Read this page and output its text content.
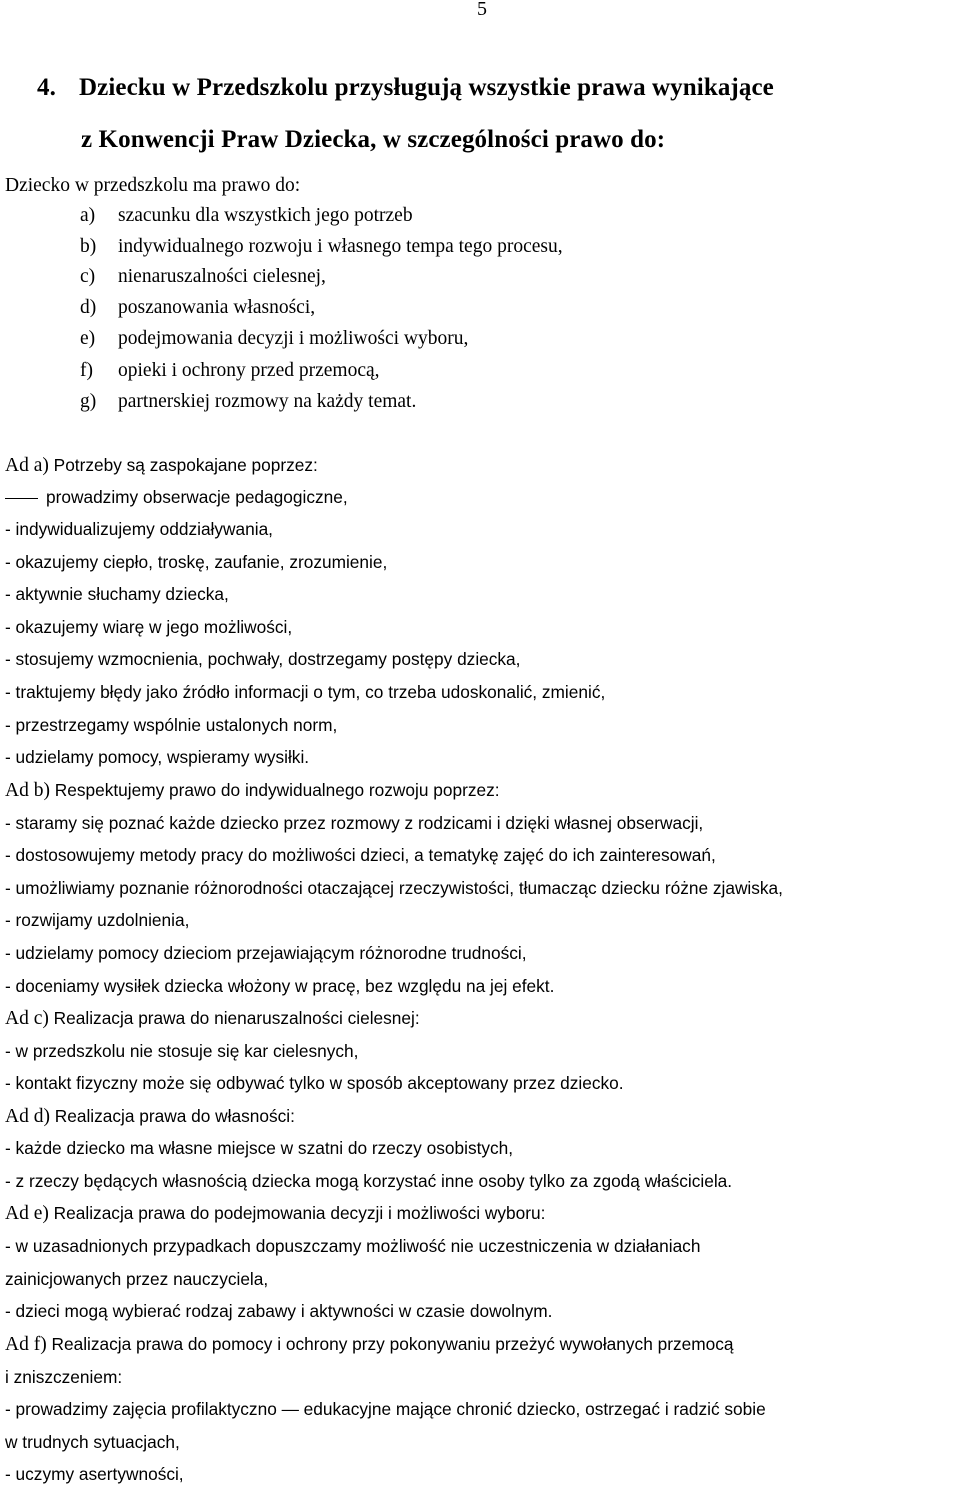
5
4. Dziecku w Przedszkolu przysługują wszystkie prawa wynikające
z Konwencji Praw Dziecka, w szczególności prawo do:
Dziecko w przedszkolu ma prawo do:
a) szacunku dla wszystkich jego potrzeb
b) indywidualnego rozwoju i własnego tempa tego procesu,
c) nienaruszalności cielesnej,
d) poszanowania własności,
e) podejmowania decyzji i możliwości wyboru,
f) opieki i ochrony przed przemocą,
g) partnerskiej rozmowy na każdy temat.
Ad a) Potrzeby są zaspokajane poprzez:
prowadzimy obserwacje pedagogiczne,
- indywidualizujemy oddziaływania,
- okazujemy ciepło, troskę, zaufanie, zrozumienie,
- aktywnie słuchamy dziecka,
- okazujemy wiarę w jego możliwości,
- stosujemy wzmocnienia, pochwały, dostrzegamy postępy dziecka,
- traktujemy błędy jako źródło informacji o tym, co trzeba udoskonalić, zmienić,
- przestrzegamy wspólnie ustalonych norm,
- udzielamy pomocy, wspieramy wysiłki.
Ad b) Respektujemy prawo do indywidualnego rozwoju poprzez:
- staramy się poznać każde dziecko przez rozmowy z rodzicami i dzięki własnej obserwacji,
- dostosowujemy metody pracy do możliwości dzieci, a tematykę zajęć do ich zainteresowań,
- umożliwiamy poznanie różnorodności otaczającej rzeczywistości, tłumacząc dziecku różne zjawiska,
- rozwijamy uzdolnienia,
- udzielamy pomocy dzieciom przejawiającym różnorodne trudności,
- doceniamy wysiłek dziecka włożony w pracę, bez względu na jej efekt.
Ad c) Realizacja prawa do nienaruszalności cielesnej:
- w przedszkolu nie stosuje się kar cielesnych,
- kontakt fizyczny może się odbywać tylko w sposób akceptowany przez dziecko.
Ad d) Realizacja prawa do własności:
- każde dziecko ma własne miejsce w szatni do rzeczy osobistych,
- z rzeczy będących własnością dziecka mogą korzystać inne osoby tylko za zgodą właściciela.
Ad e) Realizacja prawa do podejmowania decyzji i możliwości wyboru:
- w uzasadnionych przypadkach dopuszczamy możliwość nie uczestniczenia w działaniach
zainicjowanych przez nauczyciela,
- dzieci mogą wybierać rodzaj zabawy i aktywności w czasie dowolnym.
Ad f) Realizacja prawa do pomocy i ochrony przy pokonywaniu przeżyć wywołanych przemocą
i zniszczeniem:
- prowadzimy zajęcia profilaktyczno — edukacyjne mające chronić dziecko, ostrzegać i radzić sobie
w trudnych sytuacjach,
- uczymy asertywności,
